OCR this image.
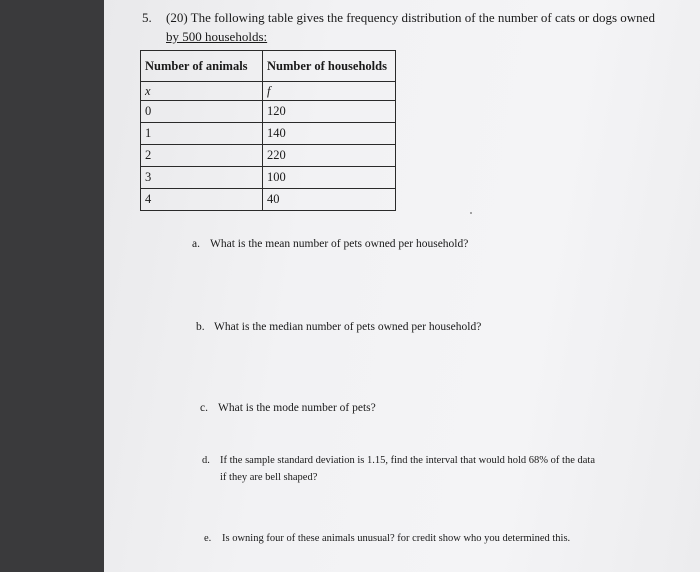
5. (20) The following table gives the frequency distribution of the number of cats or dogs owned
by 500 households:
Number of animals	Number of households
x	f
0	120
1	140
2	220
3	100
4	40
a. What is the mean number of pets owned per household?
b. What is the median number of pets owned per household?
c. What is the mode number of pets?
d. If the sample standard deviation is 1.15, find the interval that would hold 68% of the data
if they are bell shaped?
e. Is owning four of these animals unusual? for credit show who you determined this.
